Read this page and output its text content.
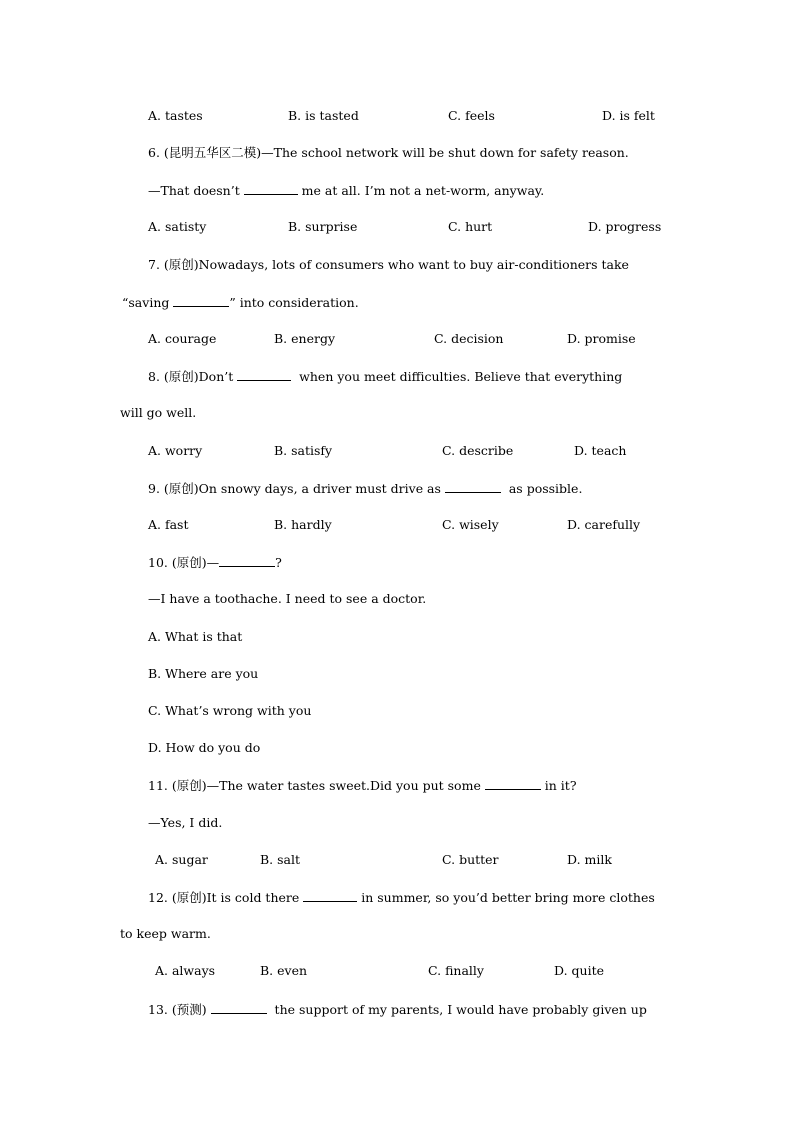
A. tastes	B. is tasted	C. feels	D. is felt
6. (昆明五华区二模)—The school network will be shut down for safety reason.
—That doesn’t	me at all. I’m not a net-worm, anyway.
A. satisty	B. surprise	C. hurt	D. progress
7. (原创)Nowadays, lots of consumers who want to buy air-conditioners take
“saving	” into consideration.
A. courage	B. energy	C. decision	D. promise
8. (原创)Don’t	when you meet difficulties. Believe that everything
will go well.
A. worry	B. satisfy	C. describe	D. teach
9. (原创)On snowy days, a driver must drive as	as possible.
A. fast	B. hardly	C. wisely	D. carefully
10. (原创)—	?
—I have a toothache. I need to see a doctor.
A. What is that
B. Where are you
C. What’s wrong with you
D. How do you do
11. (原创)—The water tastes sweet.Did you put some	in it?
—Yes, I did.
A. sugar	B. salt	C. butter	D. milk
12. (原创)It is cold there	in summer, so you’d better bring more clothes
to keep warm.
A. always	B. even	C. finally	D. quite
13. (预测)	the support of my parents, I would have probably given up
